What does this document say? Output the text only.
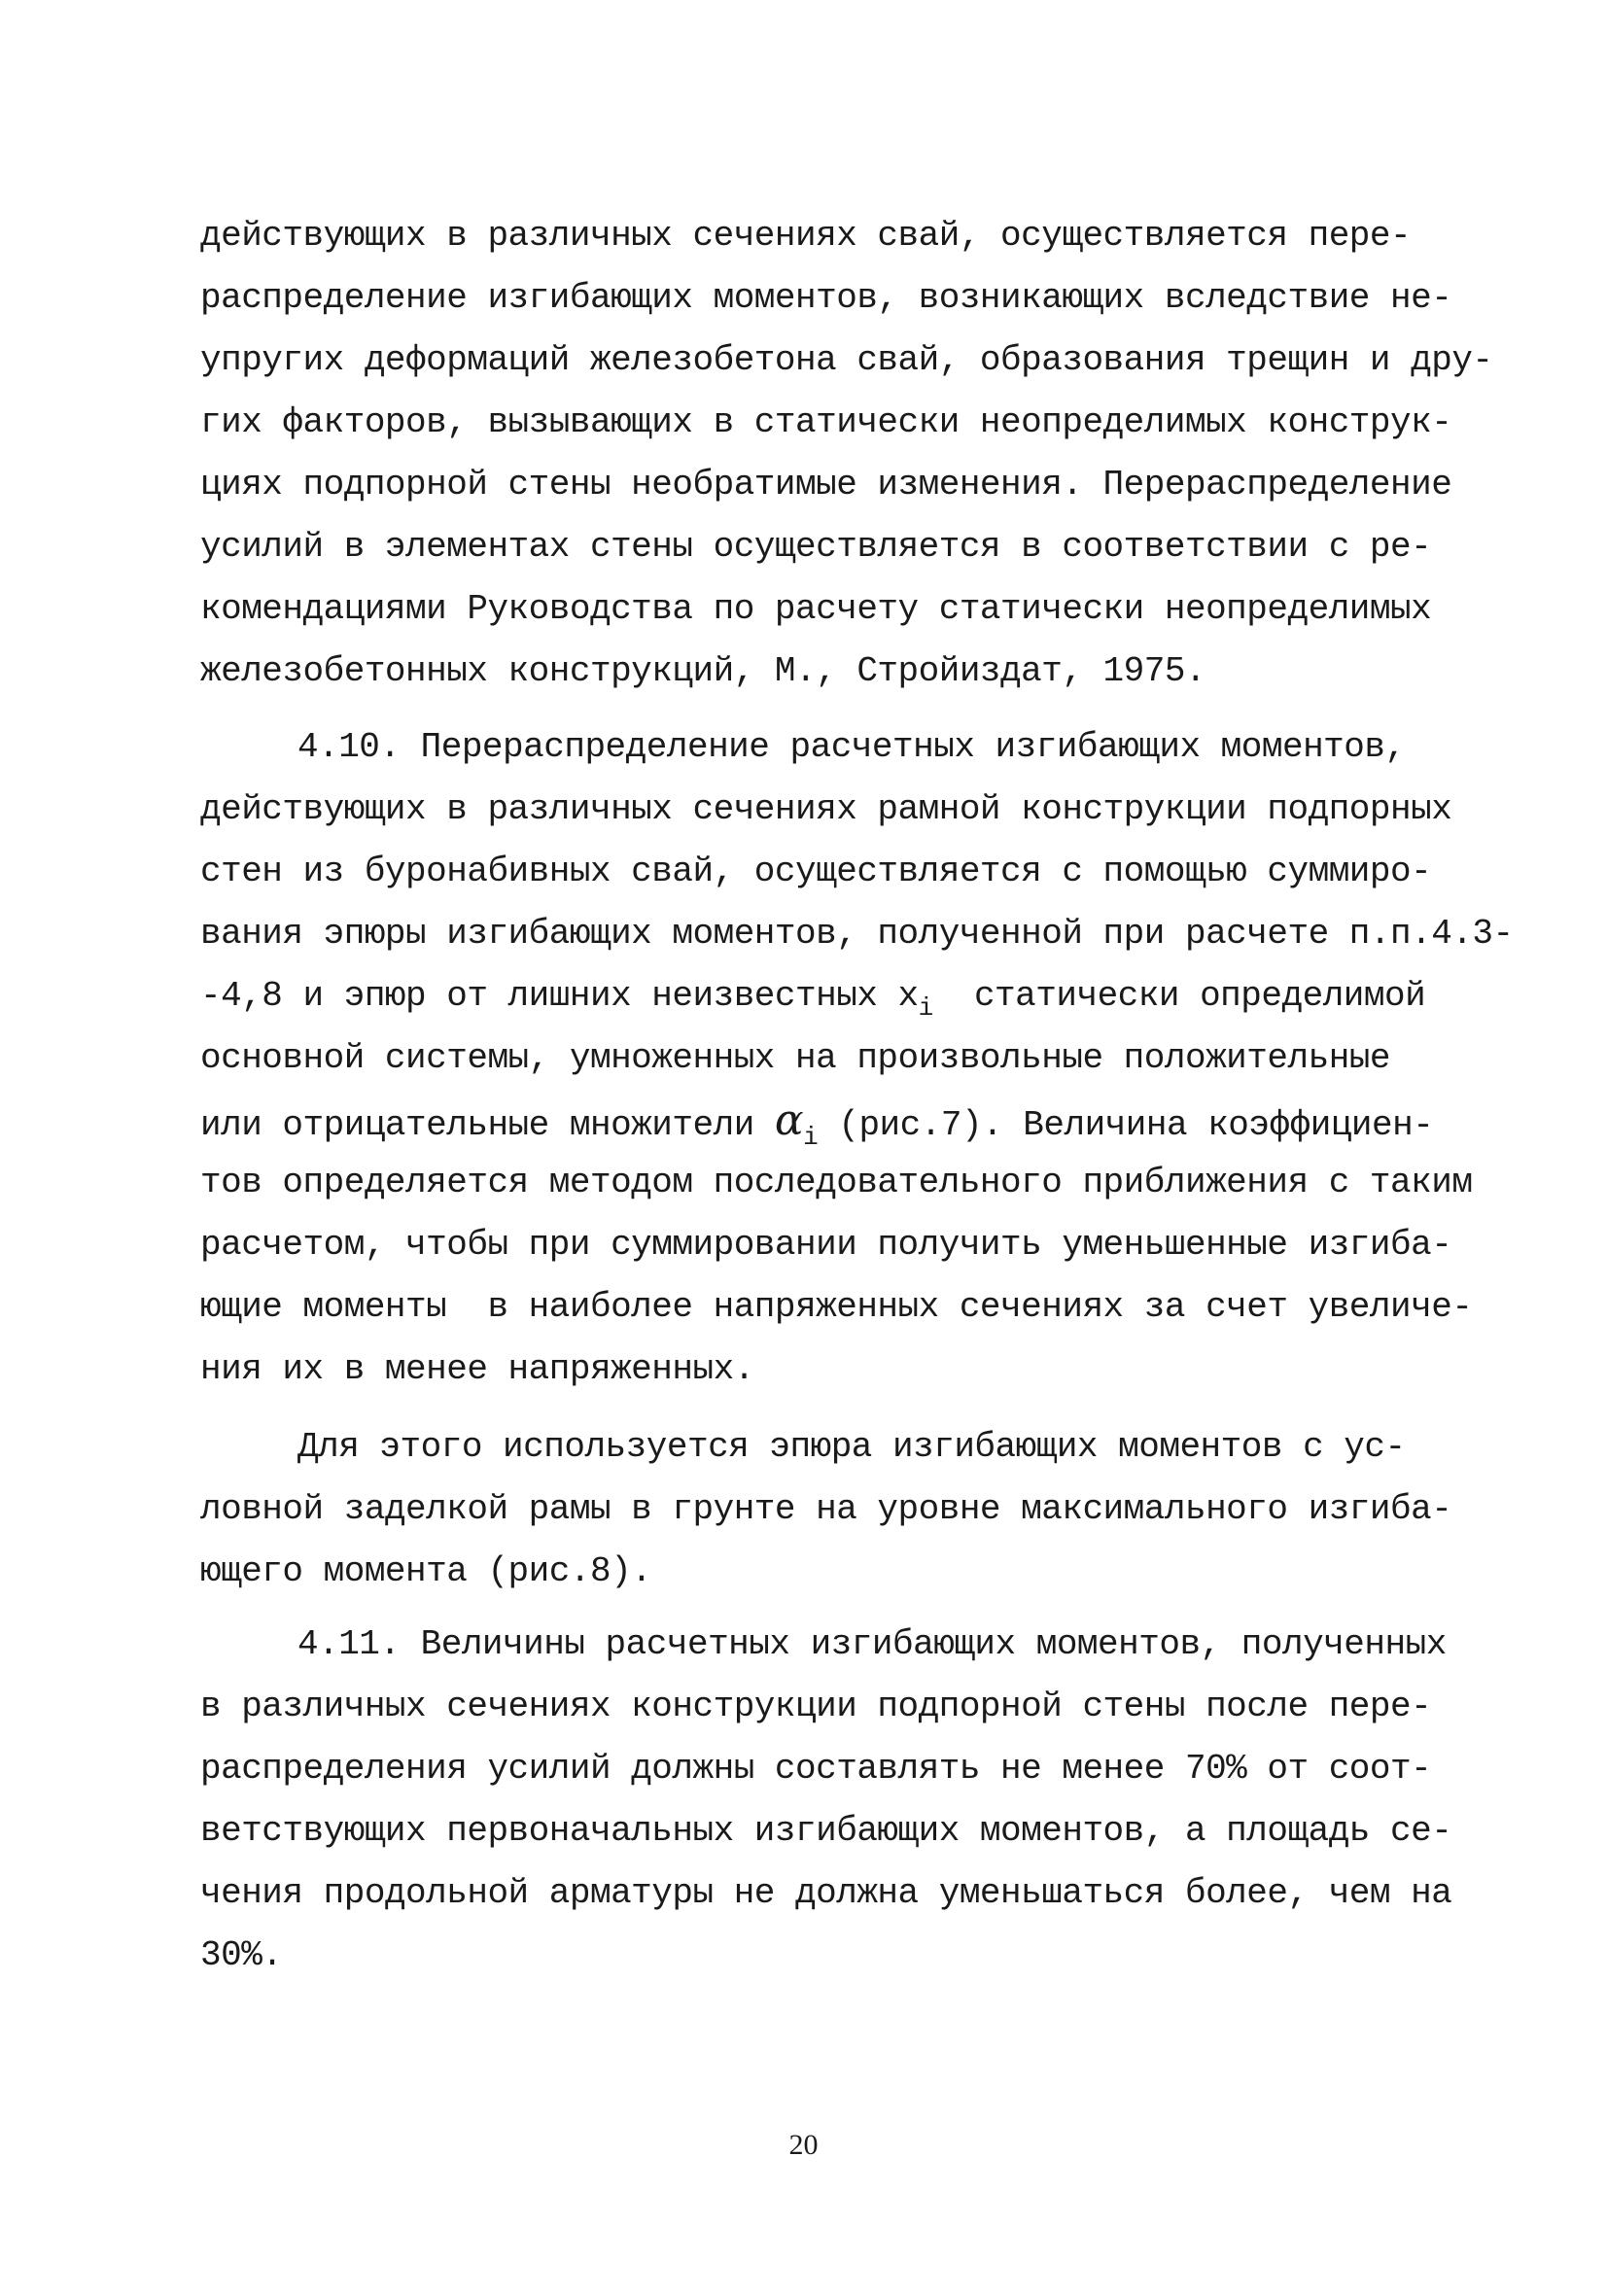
действующих в различных сечениях свай, осуществляется пере-
распределение изгибающих моментов, возникающих вследствие не-
упругих деформаций железобетона свай, образования трещин и дру-
гих факторов, вызывающих в статически неопределимых конструк-
циях подпорной стены необратимые изменения. Перераспределение
усилий в элементах стены осуществляется в соответствии с ре-
комендациями Руководства по расчету статически неопределимых
железобетонных конструкций, М., Стройиздат, 1975.
4.10. Перераспределение расчетных изгибающих моментов,
действующих в различных сечениях рамной конструкции подпорных
стен из буронабивных свай, осуществляется с помощью суммиро-
вания эпюры изгибающих моментов, полученной при расчете п.п.4.3-
-4,8 и эпюр от лишних неизвестных $x_i$  статически определимой
основной системы, умноженных на произвольные положительные
или отрицательные множители $\alpha_i$ (рис.7). Величина коэффициен-
тов определяется методом последовательного приближения с таким
расчетом, чтобы при суммировании получить уменьшенные изгиба-
ющие моменты  в наиболее напряженных сечениях за счет увеличе-
ния их в менее напряженных.
Для этого используется эпюра изгибающих моментов с ус-
ловной заделкой рамы в грунте на уровне максимального изгиба-
ющего момента (рис.8).
4.11. Величины расчетных изгибающих моментов, полученных
в различных сечениях конструкции подпорной стены после пере-
распределения усилий должны составлять не менее 70% от соот-
ветствующих первоначальных изгибающих моментов, а площадь се-
чения продольной арматуры не должна уменьшаться более, чем на
30%.
20
